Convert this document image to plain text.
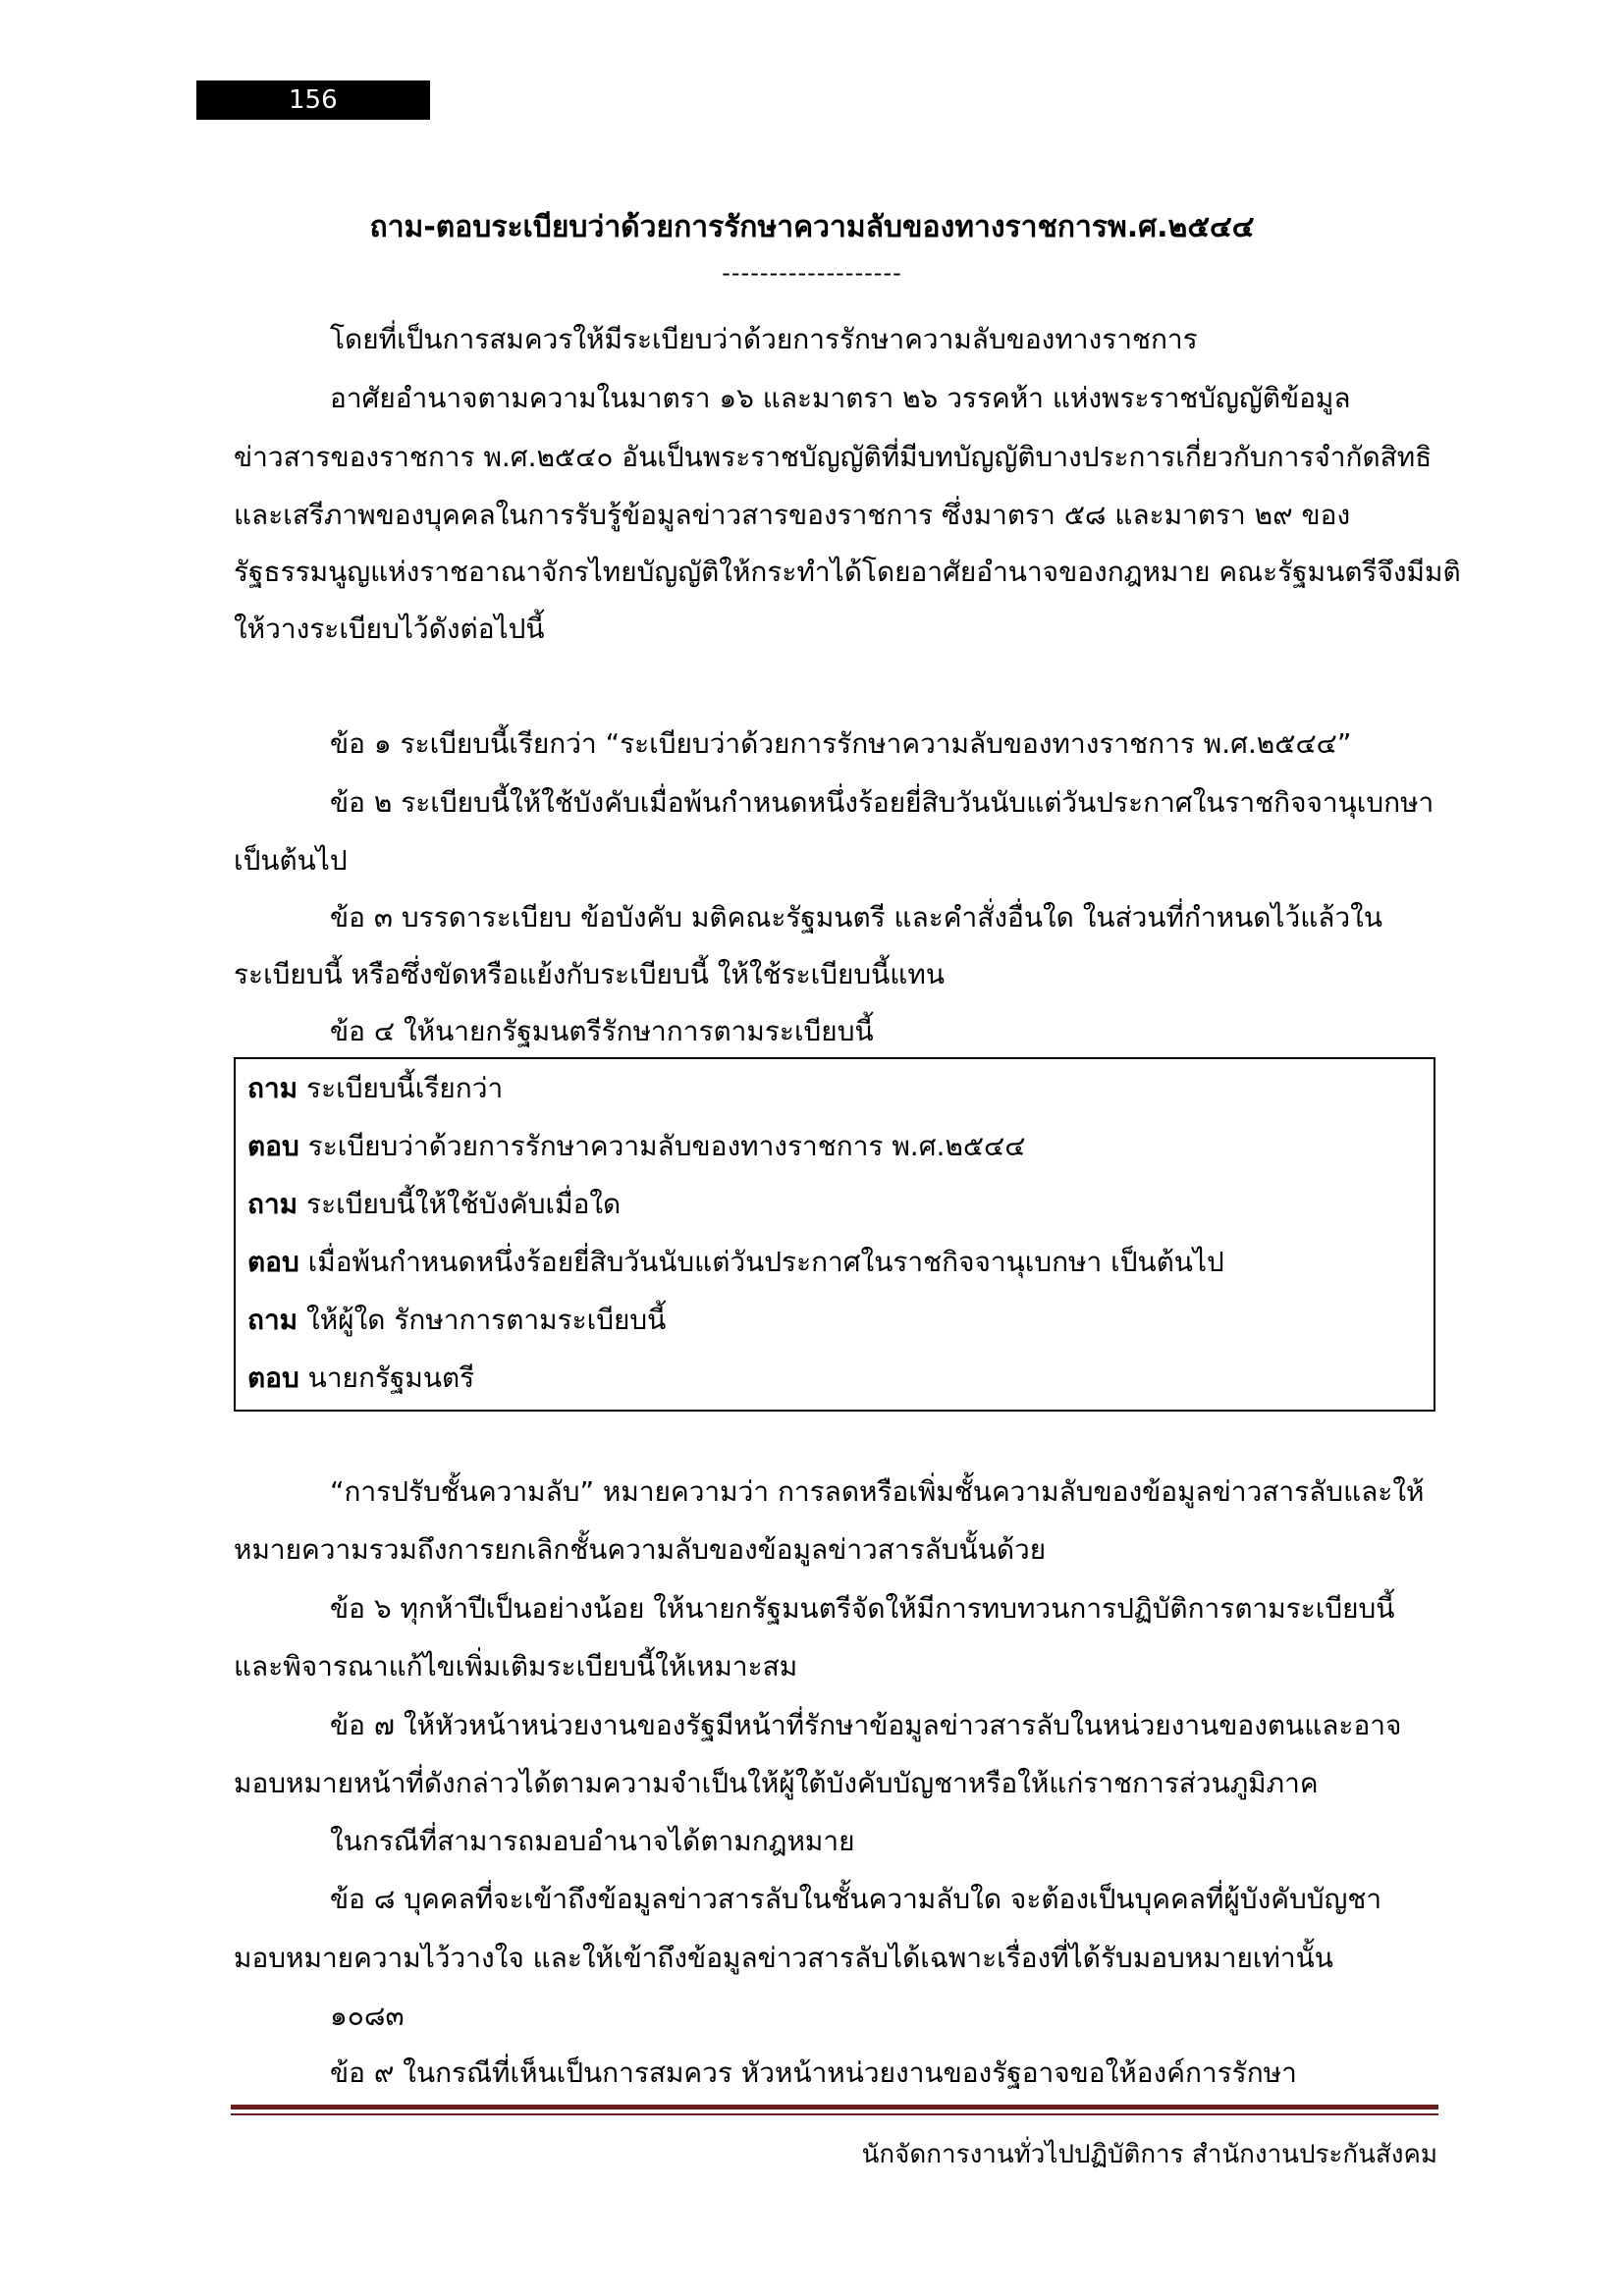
156
ถาม-ตอบระเบียบว่าด้วยการรักษาความลับของทางราชการพ.ศ.๒๕๔๔
-------------------
โดยที่เป็นการสมควรให้มีระเบียบว่าด้วยการรักษาความลับของทางราชการ
อาศัยอำนาจตามความในมาตรา ๑๖ และมาตรา ๒๖ วรรคห้า แห่งพระราชบัญญัติข้อมูล
ข่าวสารของราชการ พ.ศ.๒๕๔๐ อันเป็นพระราชบัญญัติที่มีบทบัญญัติบางประการเกี่ยวกับการจำกัดสิทธิ
และเสรีภาพของบุคคลในการรับรู้ข้อมูลข่าวสารของราชการ ซึ่งมาตรา ๕๘ และมาตรา ๒๙ ของ
รัฐธรรมนูญแห่งราชอาณาจักรไทยบัญญัติให้กระทำได้โดยอาศัยอำนาจของกฎหมาย คณะรัฐมนตรีจึงมีมติ
ให้วางระเบียบไว้ดังต่อไปนี้
ข้อ ๑ ระเบียบนี้เรียกว่า “ระเบียบว่าด้วยการรักษาความลับของทางราชการ พ.ศ.๒๕๔๔”
ข้อ ๒ ระเบียบนี้ให้ใช้บังคับเมื่อพ้นกำหนดหนึ่งร้อยยี่สิบวันนับแต่วันประกาศในราชกิจจานุเบกษา
เป็นต้นไป
ข้อ ๓ บรรดาระเบียบ ข้อบังคับ มติคณะรัฐมนตรี และคำสั่งอื่นใด ในส่วนที่กำหนดไว้แล้วใน
ระเบียบนี้ หรือซึ่งขัดหรือแย้งกับระเบียบนี้ ให้ใช้ระเบียบนี้แทน
ข้อ ๔ ให้นายกรัฐมนตรีรักษาการตามระเบียบนี้
ถาม ระเบียบนี้เรียกว่า
ตอบ ระเบียบว่าด้วยการรักษาความลับของทางราชการ พ.ศ.๒๕๔๔
ถาม ระเบียบนี้ให้ใช้บังคับเมื่อใด
ตอบ เมื่อพ้นกำหนดหนึ่งร้อยยี่สิบวันนับแต่วันประกาศในราชกิจจานุเบกษา เป็นต้นไป
ถาม ให้ผู้ใด รักษาการตามระเบียบนี้
ตอบ นายกรัฐมนตรี
“การปรับชั้นความลับ” หมายความว่า การลดหรือเพิ่มชั้นความลับของข้อมูลข่าวสารลับและให้
หมายความรวมถึงการยกเลิกชั้นความลับของข้อมูลข่าวสารลับนั้นด้วย
ข้อ ๖ ทุกห้าปีเป็นอย่างน้อย ให้นายกรัฐมนตรีจัดให้มีการทบทวนการปฏิบัติการตามระเบียบนี้
และพิจารณาแก้ไขเพิ่มเติมระเบียบนี้ให้เหมาะสม
ข้อ ๗ ให้หัวหน้าหน่วยงานของรัฐมีหน้าที่รักษาข้อมูลข่าวสารลับในหน่วยงานของตนและอาจ
มอบหมายหน้าที่ดังกล่าวได้ตามความจำเป็นให้ผู้ใต้บังคับบัญชาหรือให้แก่ราชการส่วนภูมิภาค
ในกรณีที่สามารถมอบอำนาจได้ตามกฎหมาย
ข้อ ๘ บุคคลที่จะเข้าถึงข้อมูลข่าวสารลับในชั้นความลับใด จะต้องเป็นบุคคลที่ผู้บังคับบัญชา
มอบหมายความไว้วางใจ และให้เข้าถึงข้อมูลข่าวสารลับได้เฉพาะเรื่องที่ได้รับมอบหมายเท่านั้น
๑๐๘๓
ข้อ ๙ ในกรณีที่เห็นเป็นการสมควร หัวหน้าหน่วยงานของรัฐอาจขอให้องค์การรักษา
นักจัดการงานทั่วไปปฏิบัติการ สำนักงานประกันสังคม
